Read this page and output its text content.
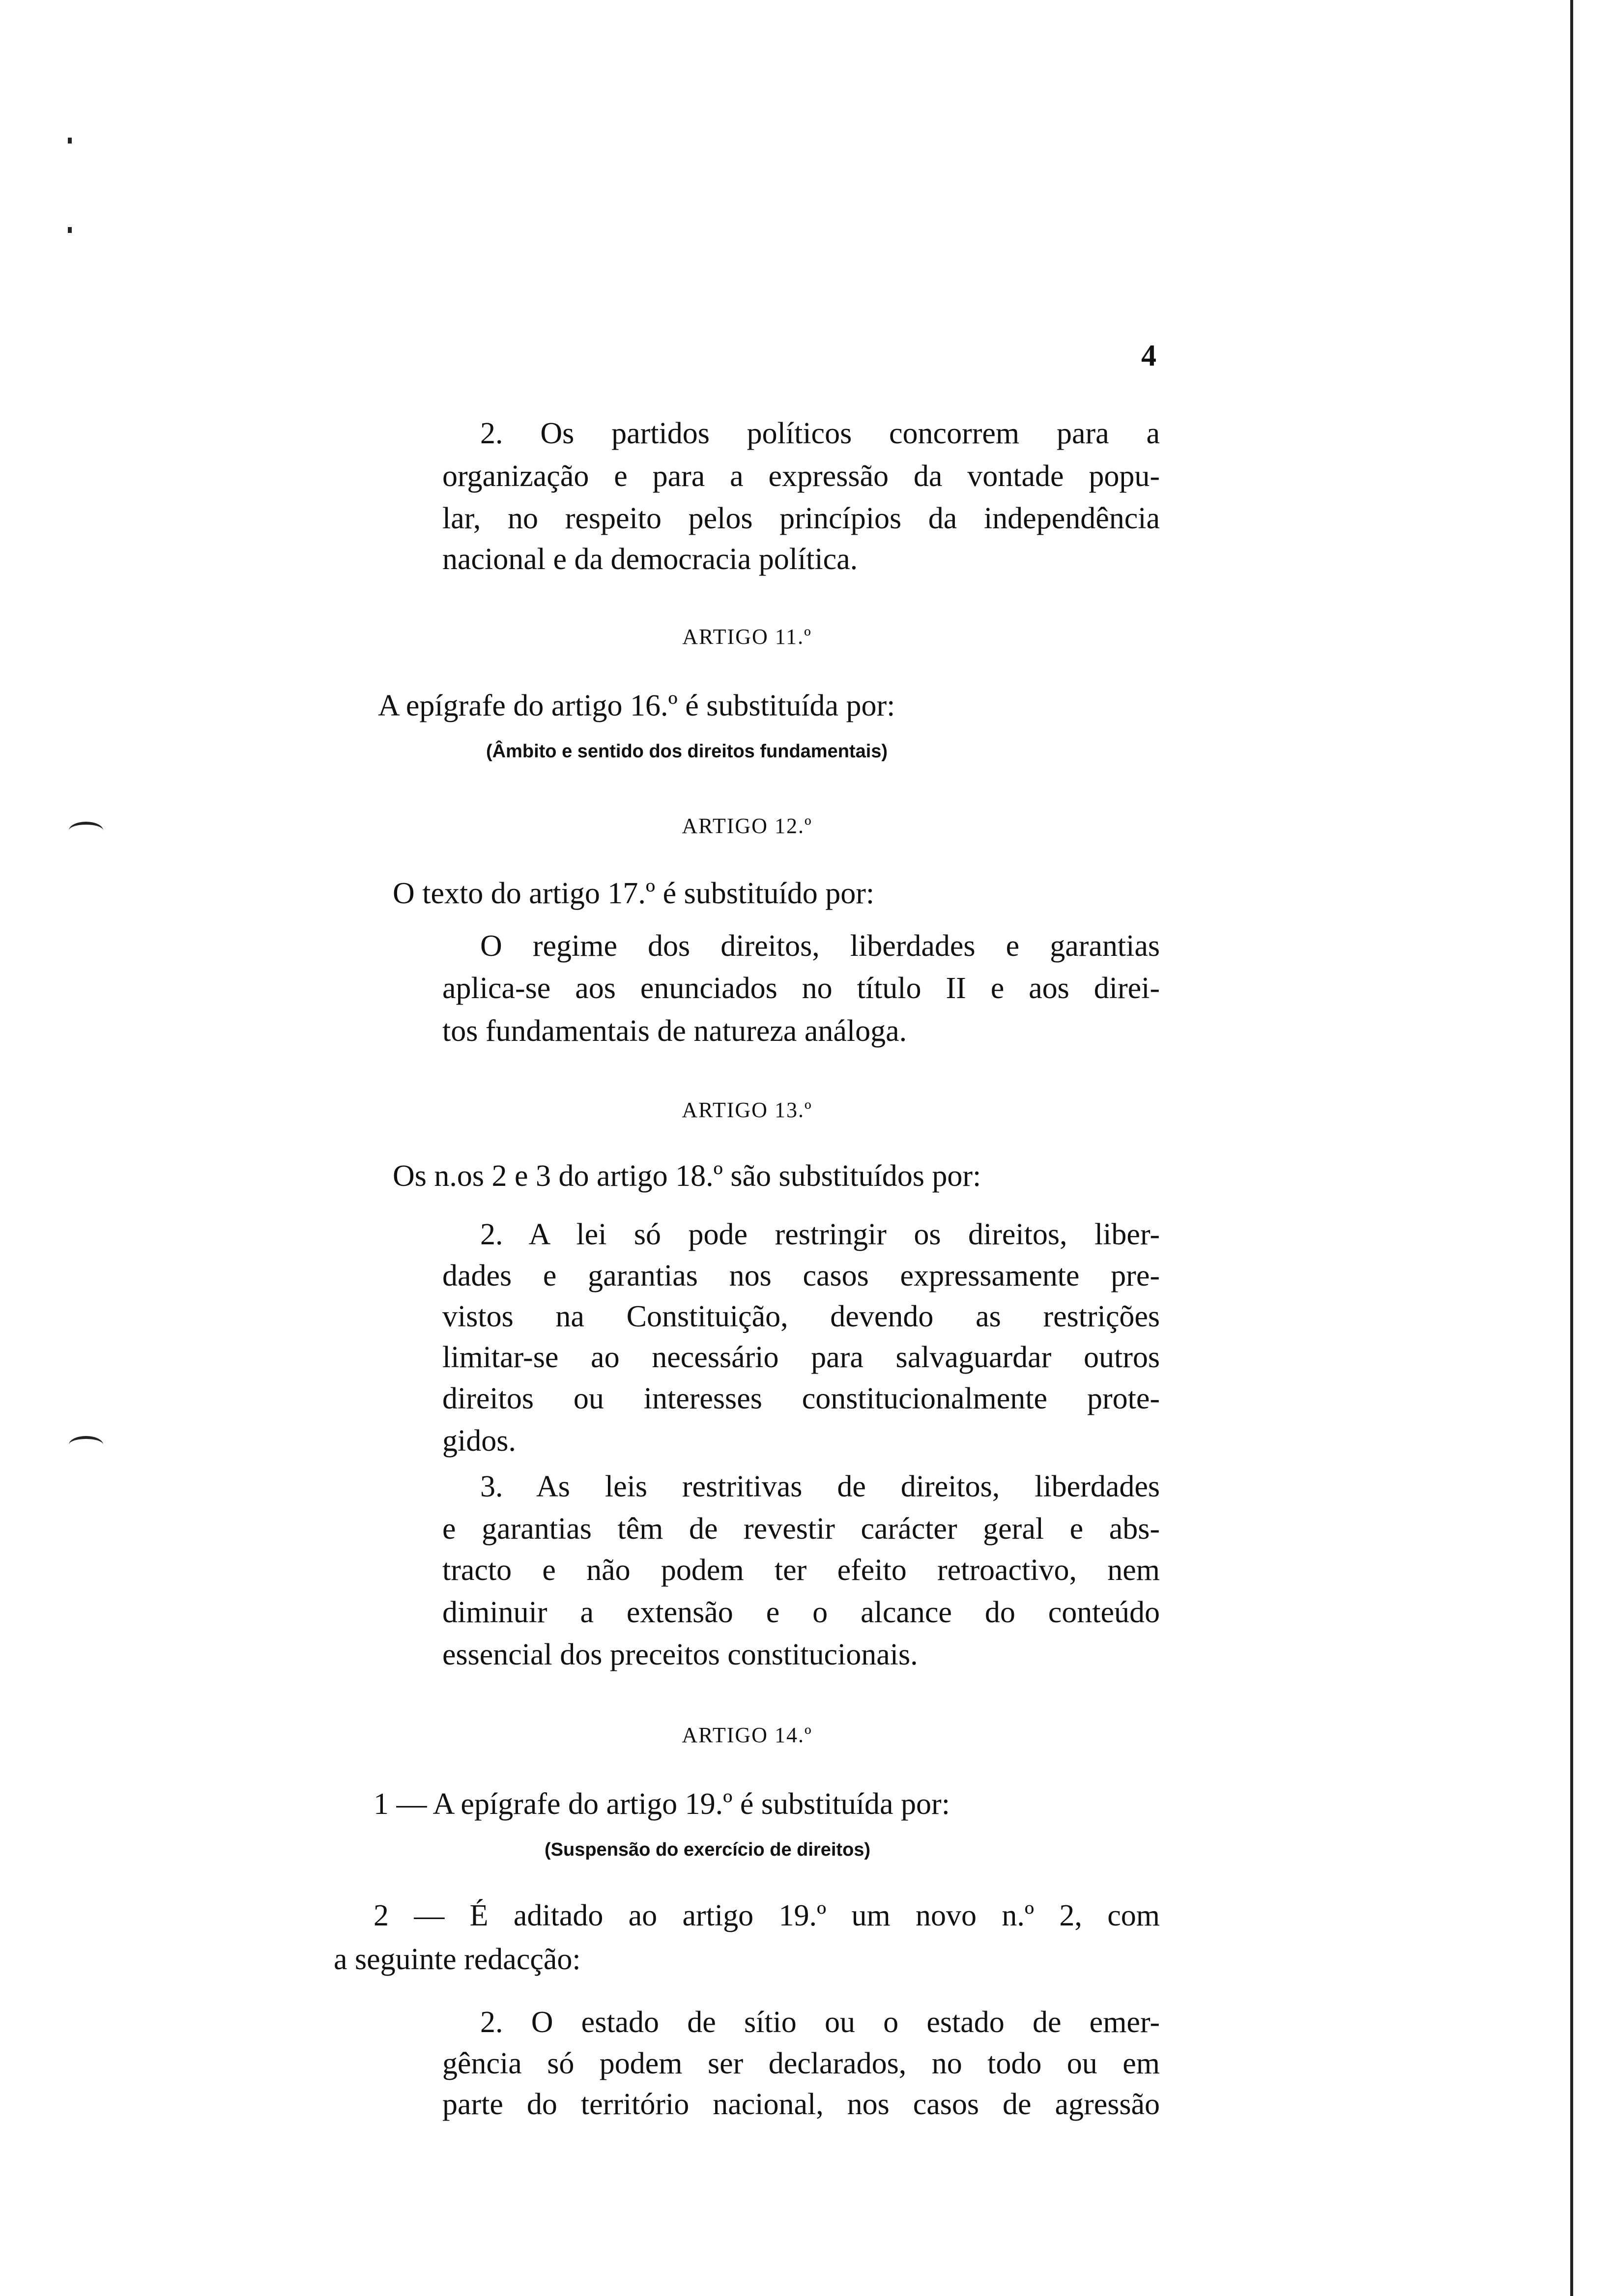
4
2. Os partidos políticos concorrem para a
organização e para a expressão da vontade popu-
lar, no respeito pelos princípios da independência
nacional e da democracia política.
ARTIGO 11.º
A epígrafe do artigo 16.º é substituída por:
(Âmbito e sentido dos direitos fundamentais)
ARTIGO 12.º
O texto do artigo 17.º é substituído por:
O regime dos direitos, liberdades e garantias
aplica-se aos enunciados no título II e aos direi-
tos fundamentais de natureza análoga.
ARTIGO 13.º
Os n.os 2 e 3 do artigo 18.º são substituídos por:
2. A lei só pode restringir os direitos, liber-
dades e garantias nos casos expressamente pre-
vistos na Constituição, devendo as restrições
limitar-se ao necessário para salvaguardar outros
direitos ou interesses constitucionalmente prote-
gidos.
3. As leis restritivas de direitos, liberdades
e garantias têm de revestir carácter geral e abs-
tracto e não podem ter efeito retroactivo, nem
diminuir a extensão e o alcance do conteúdo
essencial dos preceitos constitucionais.
ARTIGO 14.º
1 — A epígrafe do artigo 19.º é substituída por:
(Suspensão do exercício de direitos)
2 — É aditado ao artigo 19.º um novo n.º 2, com
a seguinte redacção:
2. O estado de sítio ou o estado de emer-
gência só podem ser declarados, no todo ou em
parte do território nacional, nos casos de agressão
